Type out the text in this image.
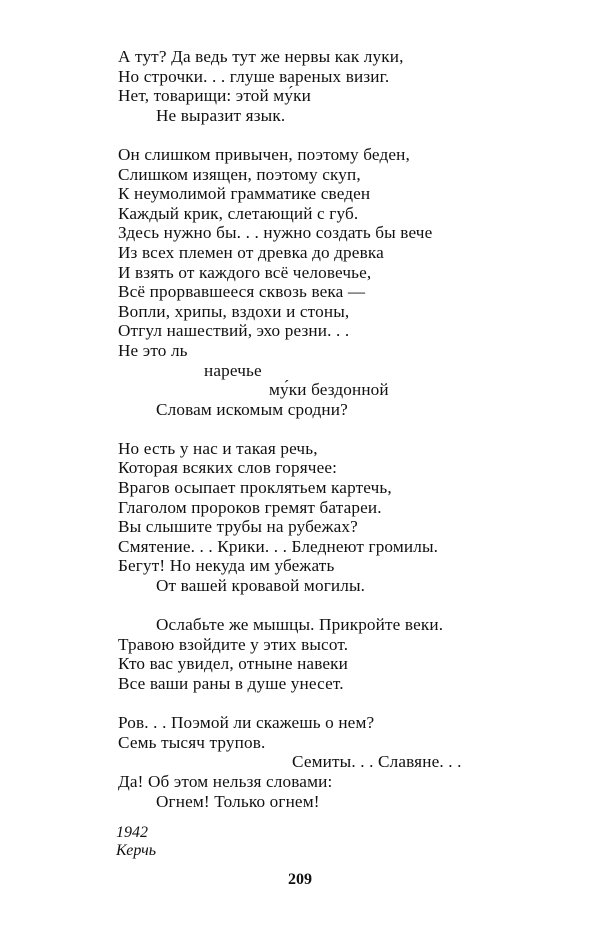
А тут? Да ведь тут же нервы как луки,
Но строчки. . . глуше вареных визиг.
Нет, товарищи: этой му́ки
Не выразит язык.
Он слишком привычен, поэтому беден,
Слишком изящен, поэтому скуп,
К неумолимой грамматике сведен
Каждый крик, слетающий с губ.
Здесь нужно бы. . . нужно создать бы вече
Из всех племен от древка до древка
И взять от каждого всё человечье,
Всё прорвавшееся сквозь века —
Вопли, хрипы, вздохи и стоны,
Отгул нашествий, эхо резни. . .
Не это ль
наречье
му́ки бездонной
Словам искомым сродни?
Но есть у нас и такая речь,
Которая всяких слов горячее:
Врагов осыпает проклятьем картечь,
Глаголом пророков гремят батареи.
Вы слышите трубы на рубежах?
Смятение. . . Крики. . . Бледнеют громилы.
Бегут! Но некуда им убежать
От вашей кровавой могилы.
Ослабьте же мышцы. Прикройте веки.
Травою взойдите у этих высот.
Кто вас увидел, отныне навеки
Все ваши раны в душе унесет.
Ров. . . Поэмой ли скажешь о нем?
Семь тысяч трупов.
Семиты. . . Славяне. . .
Да! Об этом нельзя словами:
Огнем! Только огнем!
1942
Керчь
209
